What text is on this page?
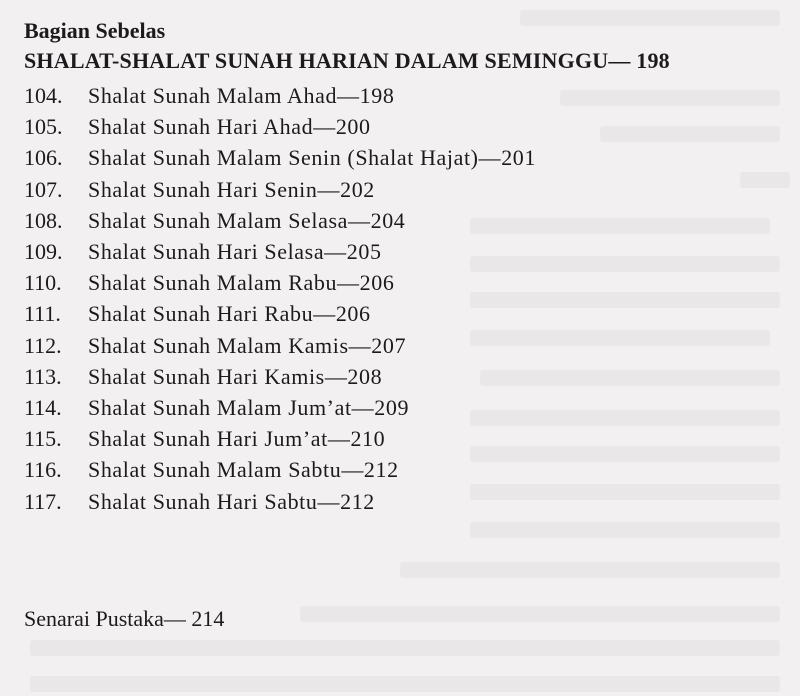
Bagian Sebelas
SHALAT-SHALAT SUNAH HARIAN DALAM SEMINGGU— 198
104.	Shalat Sunah Malam Ahad—198
105.	Shalat Sunah Hari Ahad—200
106.	Shalat Sunah Malam Senin (Shalat Hajat)—201
107.	Shalat Sunah Hari Senin—202
108.	Shalat Sunah Malam Selasa—204
109.	Shalat Sunah Hari Selasa—205
110.	Shalat Sunah Malam Rabu—206
111.	Shalat Sunah Hari Rabu—206
112.	Shalat Sunah Malam Kamis—207
113.	Shalat Sunah Hari Kamis—208
114.	Shalat Sunah Malam Jum’at—209
115.	Shalat Sunah Hari Jum’at—210
116.	Shalat Sunah Malam Sabtu—212
117.	Shalat Sunah Hari Sabtu—212
Senarai Pustaka— 214
